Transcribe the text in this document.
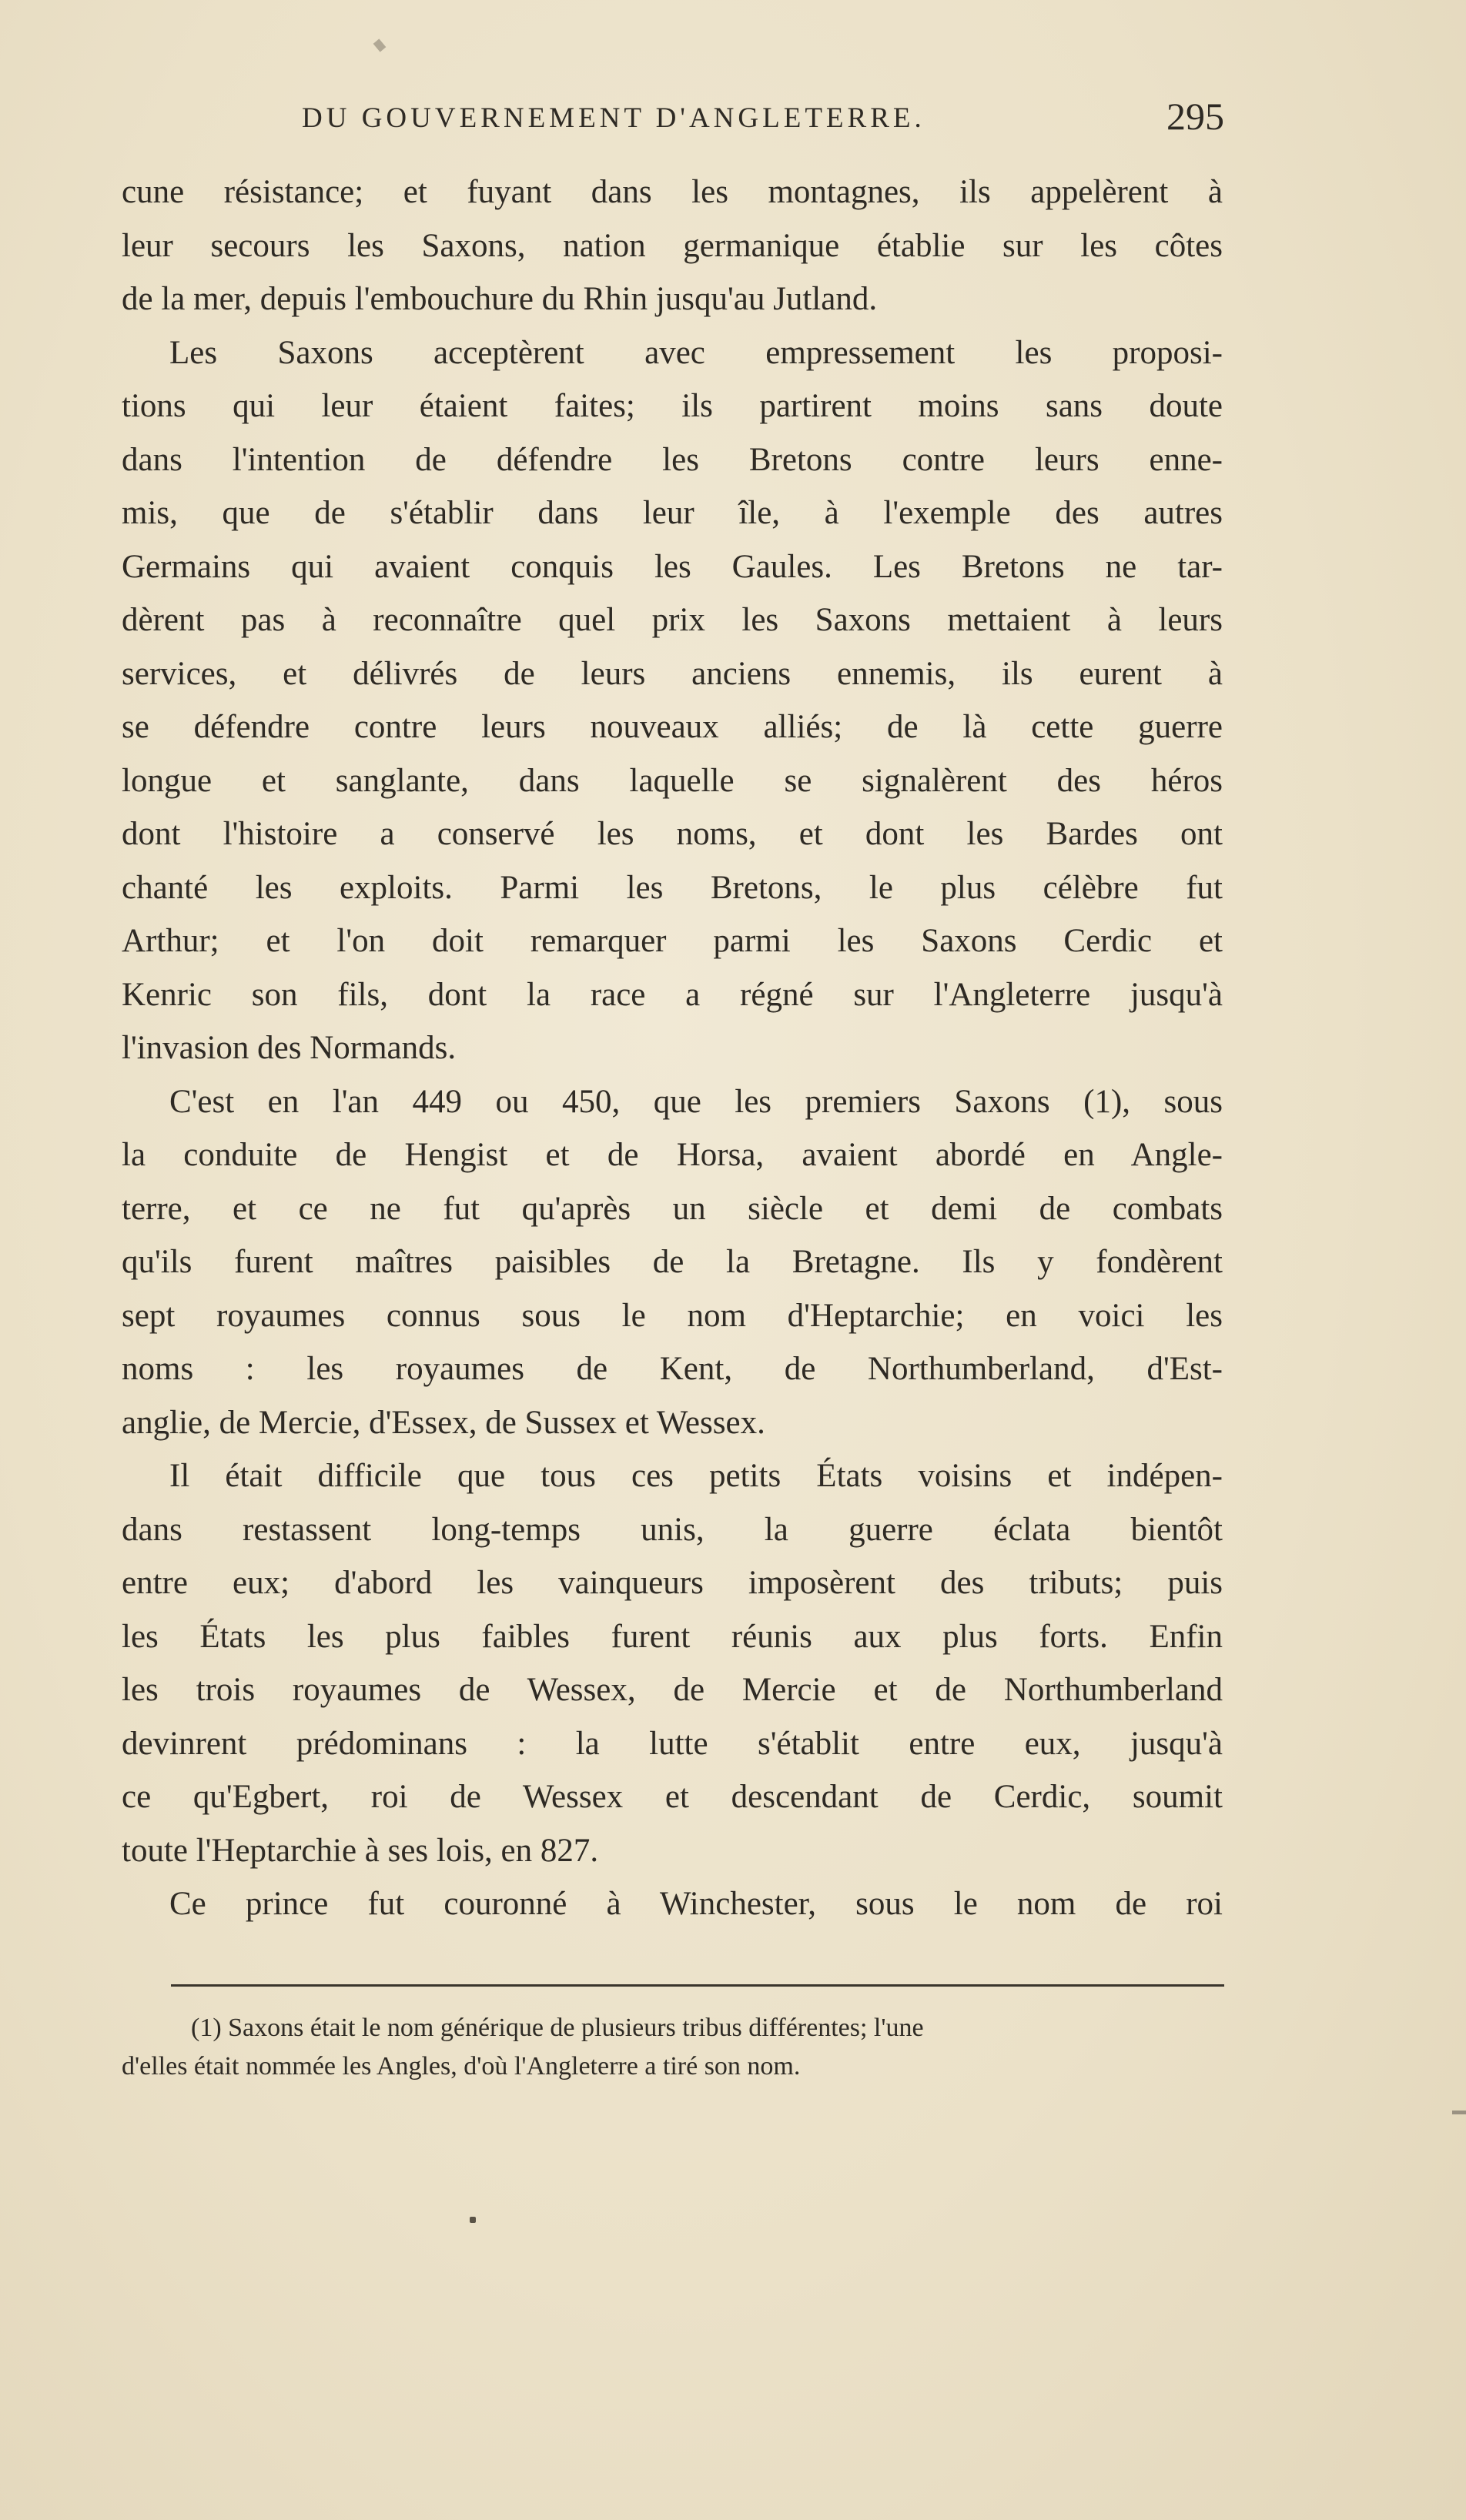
DU GOUVERNEMENT D'ANGLETERRE.	295

cune résistance; et fuyant dans les montagnes, ils appelèrent à
leur secours les Saxons, nation germanique établie sur les côtes
de la mer, depuis l'embouchure du Rhin jusqu'au Jutland.

Les Saxons acceptèrent avec empressement les proposi-
tions qui leur étaient faites; ils partirent moins sans doute
dans l'intention de défendre les Bretons contre leurs enne-
mis, que de s'établir dans leur île, à l'exemple des autres
Germains qui avaient conquis les Gaules. Les Bretons ne tar-
dèrent pas à reconnaître quel prix les Saxons mettaient à leurs
services, et délivrés de leurs anciens ennemis, ils eurent à
se défendre contre leurs nouveaux alliés; de là cette guerre
longue et sanglante, dans laquelle se signalèrent des héros
dont l'histoire a conservé les noms, et dont les Bardes ont
chanté les exploits. Parmi les Bretons, le plus célèbre fut
Arthur; et l'on doit remarquer parmi les Saxons Cerdic et
Kenric son fils, dont la race a régné sur l'Angleterre jusqu'à
l'invasion des Normands.

C'est en l'an 449 ou 450, que les premiers Saxons (1), sous
la conduite de Hengist et de Horsa, avaient abordé en Angle-
terre, et ce ne fut qu'après un siècle et demi de combats
qu'ils furent maîtres paisibles de la Bretagne. Ils y fondèrent
sept royaumes connus sous le nom d'Heptarchie; en voici les
noms : les royaumes de Kent, de Northumberland, d'Est-
anglie, de Mercie, d'Essex, de Sussex et Wessex.

Il était difficile que tous ces petits États voisins et indépen-
dans restassent long-temps unis, la guerre éclata bientôt
entre eux; d'abord les vainqueurs imposèrent des tributs; puis
les États les plus faibles furent réunis aux plus forts. Enfin
les trois royaumes de Wessex, de Mercie et de Northumberland
devinrent prédominans : la lutte s'établit entre eux, jusqu'à
ce qu'Egbert, roi de Wessex et descendant de Cerdic, soumit
toute l'Heptarchie à ses lois, en 827.

Ce prince fut couronné à Winchester, sous le nom de roi

(1) Saxons était le nom générique de plusieurs tribus différentes; l'une
d'elles était nommée les Angles, d'où l'Angleterre a tiré son nom.
